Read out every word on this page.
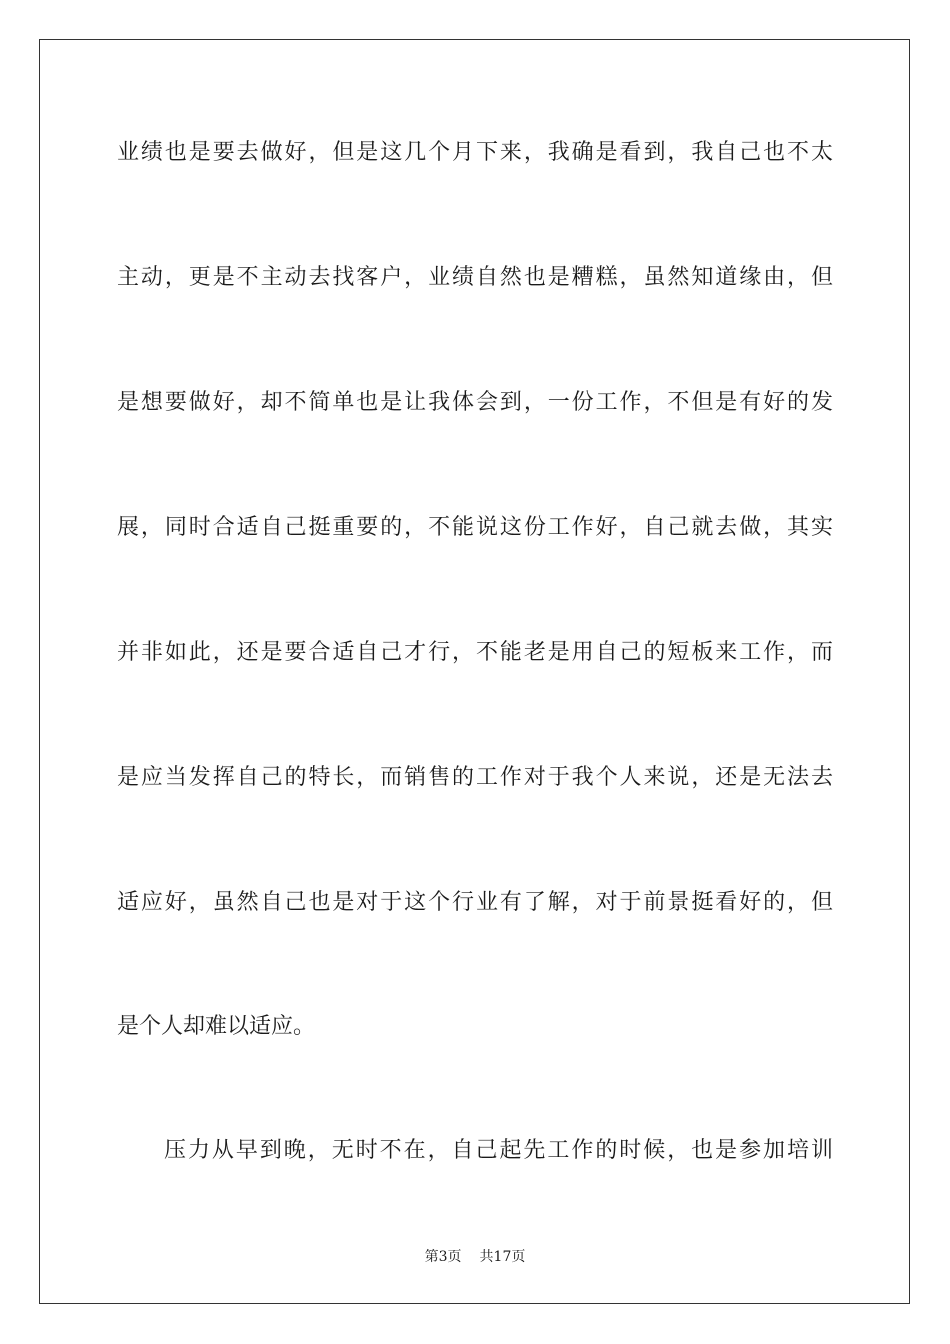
业绩也是要去做好，但是这几个月下来，我确是看到，我自己也不太
主动，更是不主动去找客户，业绩自然也是糟糕，虽然知道缘由，但
是想要做好，却不简单也是让我体会到，一份工作，不但是有好的发
展，同时合适自己挺重要的，不能说这份工作好，自己就去做，其实
并非如此，还是要合适自己才行，不能老是用自己的短板来工作，而
是应当发挥自己的特长，而销售的工作对于我个人来说，还是无法去
适应好，虽然自己也是对于这个行业有了解，对于前景挺看好的，但
是个人却难以适应。
压力从早到晚，无时不在，自己起先工作的时候，也是参加培训
第3页 共17页
